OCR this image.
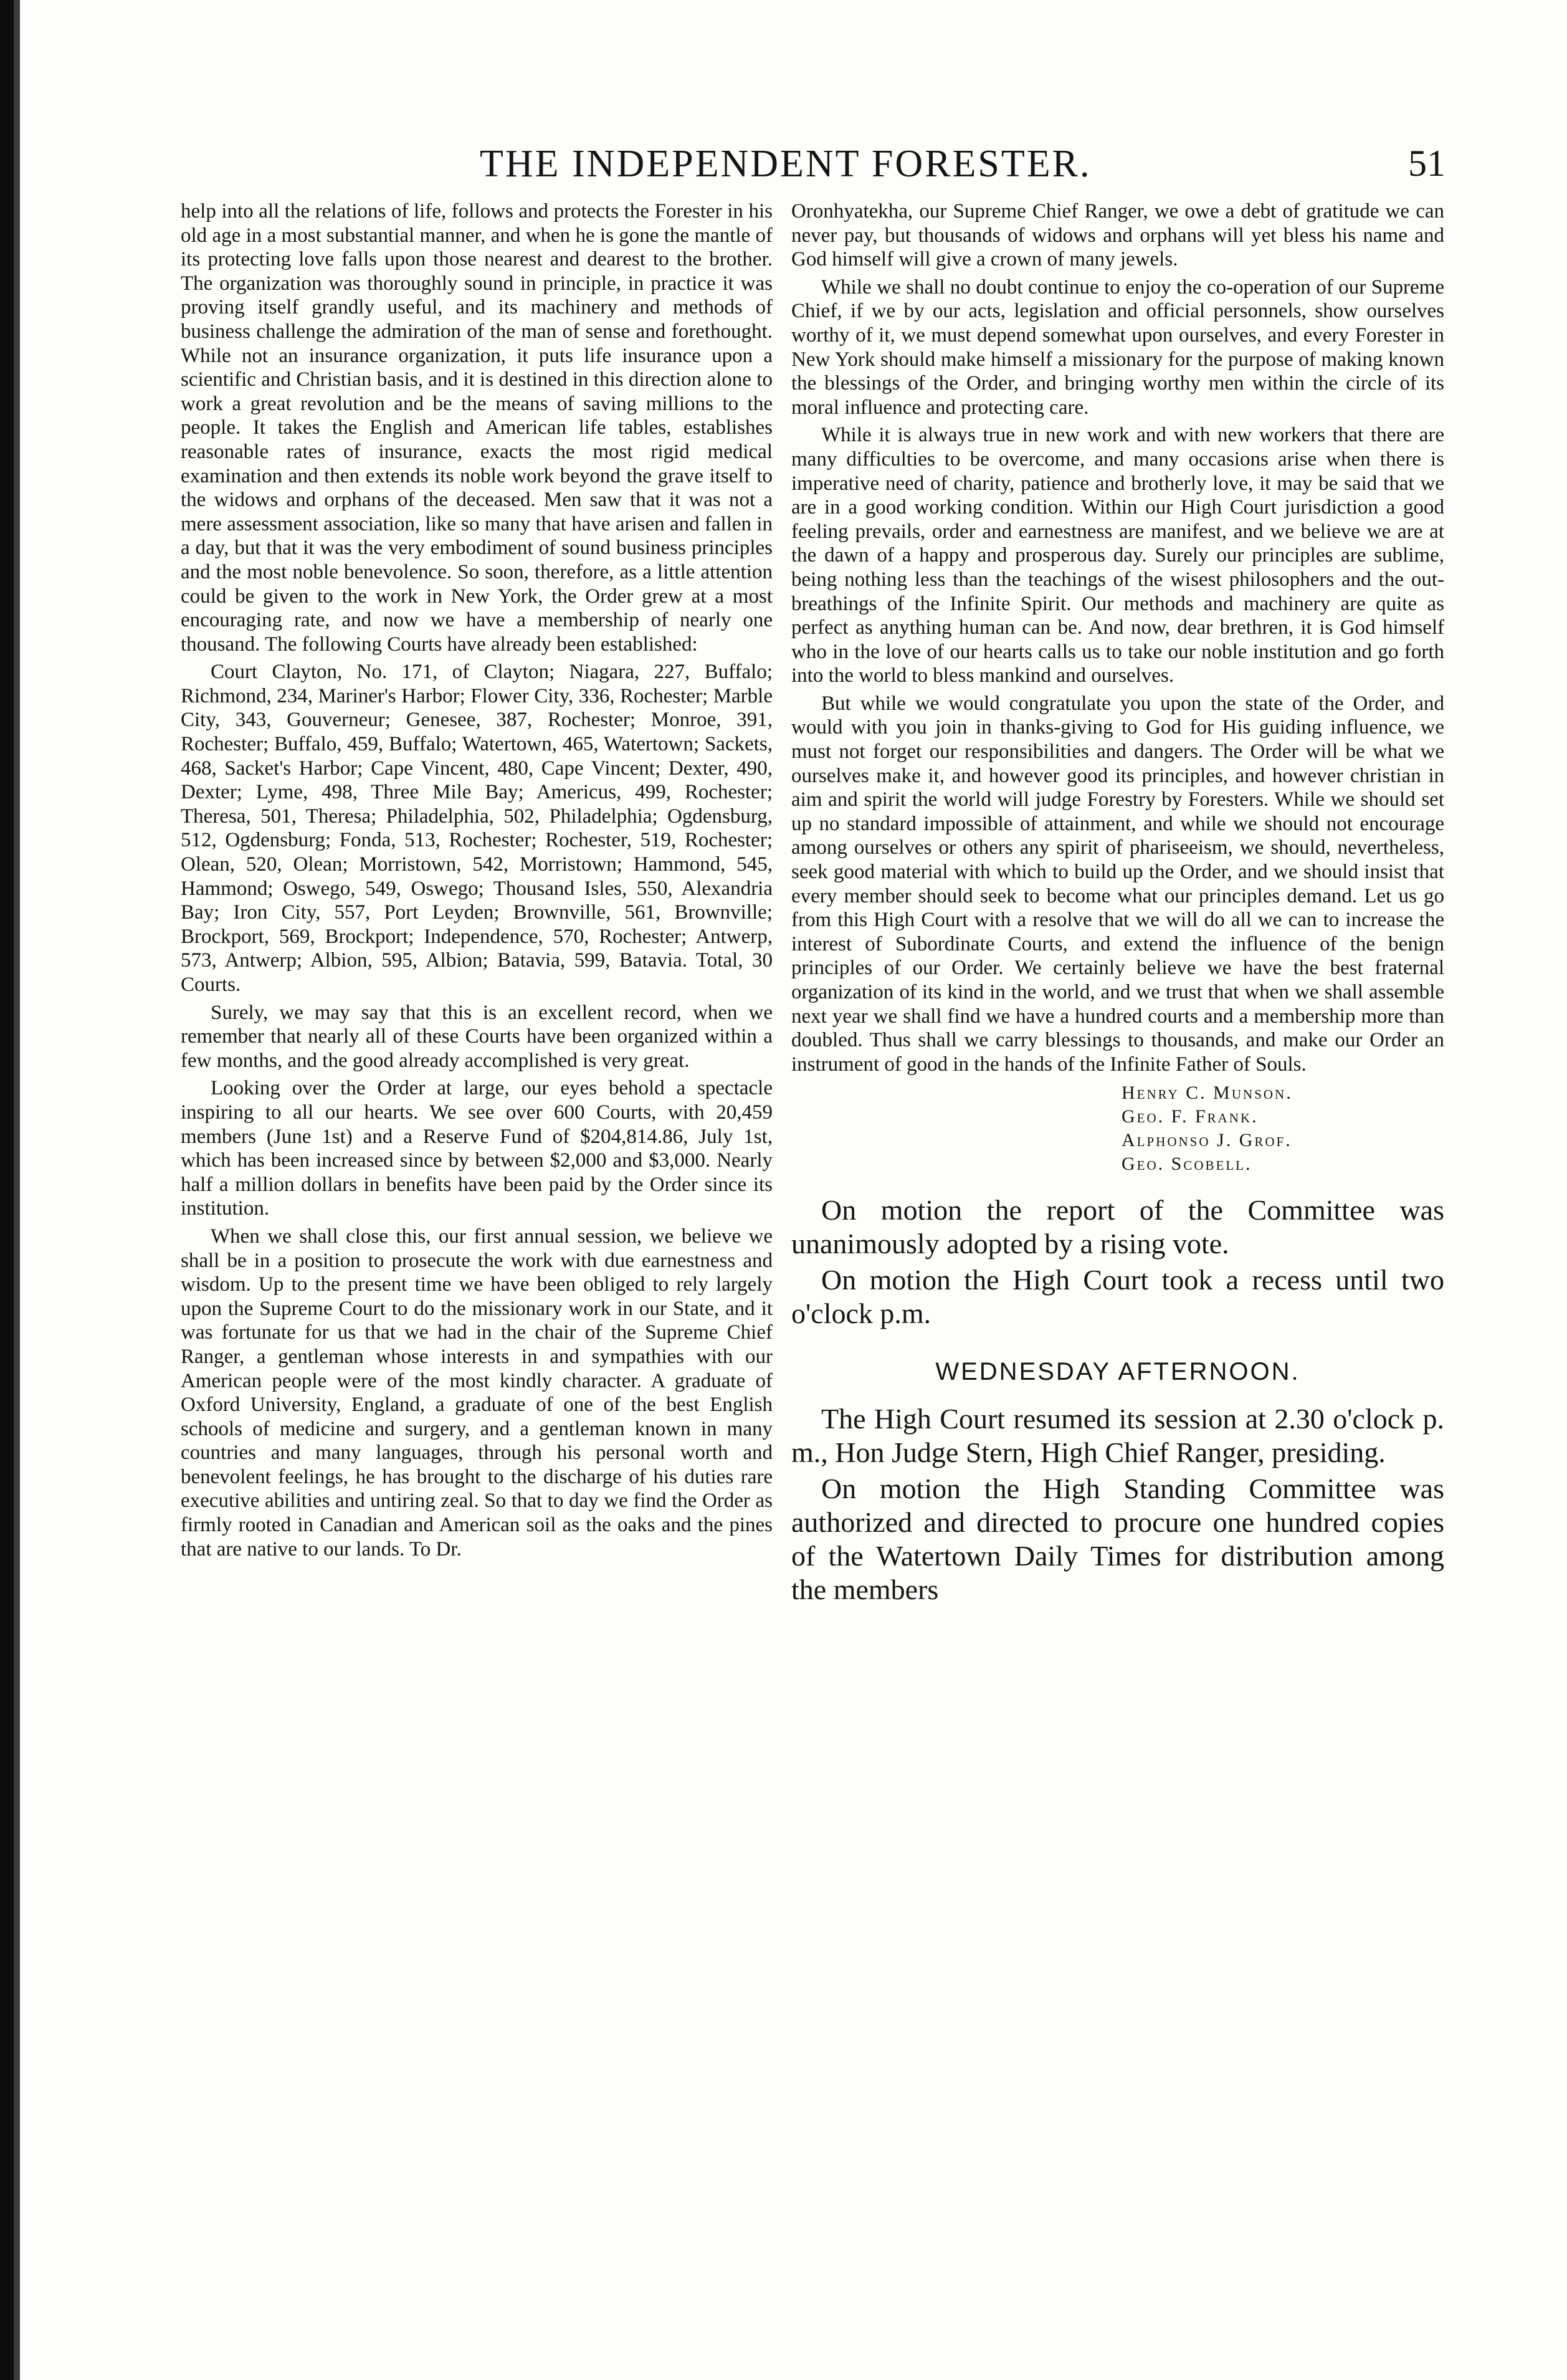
THE INDEPENDENT FORESTER.	51

help into all the relations of life, follows and protects the Forester in his old age in a most substantial manner, and when he is gone the mantle of its protecting love falls upon those nearest and dearest to the brother. The organization was thoroughly sound in principle, in practice it was proving itself grandly useful, and its machinery and methods of business challenge the admiration of the man of sense and forethought. While not an insurance organization, it puts life insurance upon a scientific and Christian basis, and it is destined in this direction alone to work a great revolution and be the means of saving millions to the people. It takes the English and American life tables, establishes reasonable rates of insurance, exacts the most rigid medical examination and then extends its noble work beyond the grave itself to the widows and orphans of the deceased. Men saw that it was not a mere assessment association, like so many that have arisen and fallen in a day, but that it was the very embodiment of sound business principles and the most noble benevolence. So soon, therefore, as a little attention could be given to the work in New York, the Order grew at a most encouraging rate, and now we have a membership of nearly one thousand. The following Courts have already been established:

Court Clayton, No. 171, of Clayton; Niagara, 227, Buffalo; Richmond, 234, Mariner's Harbor; Flower City, 336, Rochester; Marble City, 343, Gouverneur; Genesee, 387, Rochester; Monroe, 391, Rochester; Buffalo, 459, Buffalo; Watertown, 465, Watertown; Sackets, 468, Sacket's Harbor; Cape Vincent, 480, Cape Vincent; Dexter, 490, Dexter; Lyme, 498, Three Mile Bay; Americus, 499, Rochester; Theresa, 501, Theresa; Philadelphia, 502, Philadelphia; Ogdensburg, 512, Ogdensburg; Fonda, 513, Rochester; Rochester, 519, Rochester; Olean, 520, Olean; Morristown, 542, Morristown; Hammond, 545, Hammond; Oswego, 549, Oswego; Thousand Isles, 550, Alexandria Bay; Iron City, 557, Port Leyden; Brownville, 561, Brownville; Brockport, 569, Brockport; Independence, 570, Rochester; Antwerp, 573, Antwerp; Albion, 595, Albion; Batavia, 599, Batavia. Total, 30 Courts.

Surely, we may say that this is an excellent record, when we remember that nearly all of these Courts have been organized within a few months, and the good already accomplished is very great.

Looking over the Order at large, our eyes behold a spectacle inspiring to all our hearts. We see over 600 Courts, with 20,459 members (June 1st) and a Reserve Fund of $204,814.86, July 1st, which has been increased since by between $2,000 and $3,000. Nearly half a million dollars in benefits have been paid by the Order since its institution.

When we shall close this, our first annual session, we believe we shall be in a position to prosecute the work with due earnestness and wisdom. Up to the present time we have been obliged to rely largely upon the Supreme Court to do the missionary work in our State, and it was fortunate for us that we had in the chair of the Supreme Chief Ranger, a gentleman whose interests in and sympathies with our American people were of the most kindly character. A graduate of Oxford University, England, a graduate of one of the best English schools of medicine and surgery, and a gentleman known in many countries and many languages, through his personal worth and benevolent feelings, he has brought to the discharge of his duties rare executive abilities and untiring zeal. So that to day we find the Order as firmly rooted in Canadian and American soil as the oaks and the pines that are native to our lands. To Dr.

Oronhyatekha, our Supreme Chief Ranger, we owe a debt of gratitude we can never pay, but thousands of widows and orphans will yet bless his name and God himself will give a crown of many jewels.

While we shall no doubt continue to enjoy the co-operation of our Supreme Chief, if we by our acts, legislation and official personnels, show ourselves worthy of it, we must depend somewhat upon ourselves, and every Forester in New York should make himself a missionary for the purpose of making known the blessings of the Order, and bringing worthy men within the circle of its moral influence and protecting care.

While it is always true in new work and with new workers that there are many difficulties to be overcome, and many occasions arise when there is imperative need of charity, patience and brotherly love, it may be said that we are in a good working condition. Within our High Court jurisdiction a good feeling prevails, order and earnestness are manifest, and we believe we are at the dawn of a happy and prosperous day. Surely our principles are sublime, being nothing less than the teachings of the wisest philosophers and the out-breathings of the Infinite Spirit. Our methods and machinery are quite as perfect as anything human can be. And now, dear brethren, it is God himself who in the love of our hearts calls us to take our noble institution and go forth into the world to bless mankind and ourselves.

But while we would congratulate you upon the state of the Order, and would with you join in thanks-giving to God for His guiding influence, we must not forget our responsibilities and dangers. The Order will be what we ourselves make it, and however good its principles, and however christian in aim and spirit the world will judge Forestry by Foresters. While we should set up no standard impossible of attainment, and while we should not encourage among ourselves or others any spirit of phariseeism, we should, nevertheless, seek good material with which to build up the Order, and we should insist that every member should seek to become what our principles demand. Let us go from this High Court with a resolve that we will do all we can to increase the interest of Subordinate Courts, and extend the influence of the benign principles of our Order. We certainly believe we have the best fraternal organization of its kind in the world, and we trust that when we shall assemble next year we shall find we have a hundred courts and a membership more than doubled. Thus shall we carry blessings to thousands, and make our Order an instrument of good in the hands of the Infinite Father of Souls.

Henry C. Munson.
Geo. F. Frank.
Alphonso J. Grof.
Geo. Scobell.

On motion the report of the Committee was unanimously adopted by a rising vote.

On motion the High Court took a recess until two o'clock p.m.

WEDNESDAY AFTERNOON.

The High Court resumed its session at 2.30 o'clock p. m., Hon Judge Stern, High Chief Ranger, presiding.

On motion the High Standing Committee was authorized and directed to procure one hundred copies of the Watertown Daily Times for distribution among the members
